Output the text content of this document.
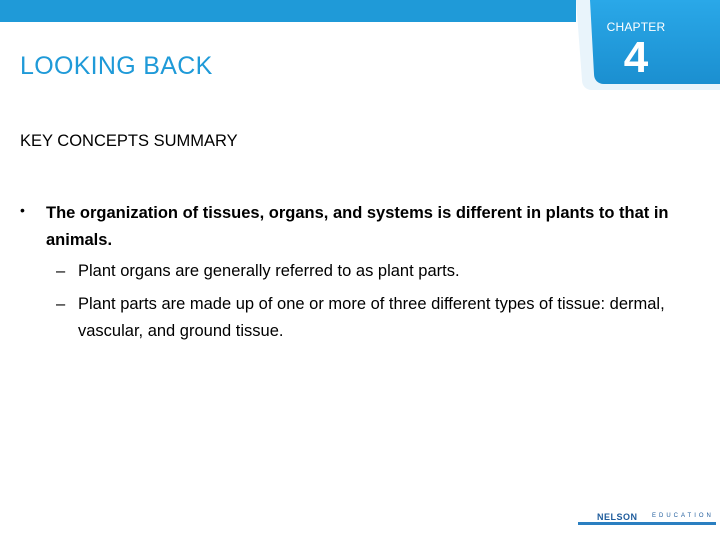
CHAPTER
4
LOOKING BACK
KEY CONCEPTS SUMMARY
• The organization of tissues, organs, and systems is different in plants to that in animals.
– Plant organs are generally referred to as plant parts.
– Plant parts are made up of one or more of three different types of tissue: dermal, vascular, and ground tissue.
NELSON	EDUCATION
